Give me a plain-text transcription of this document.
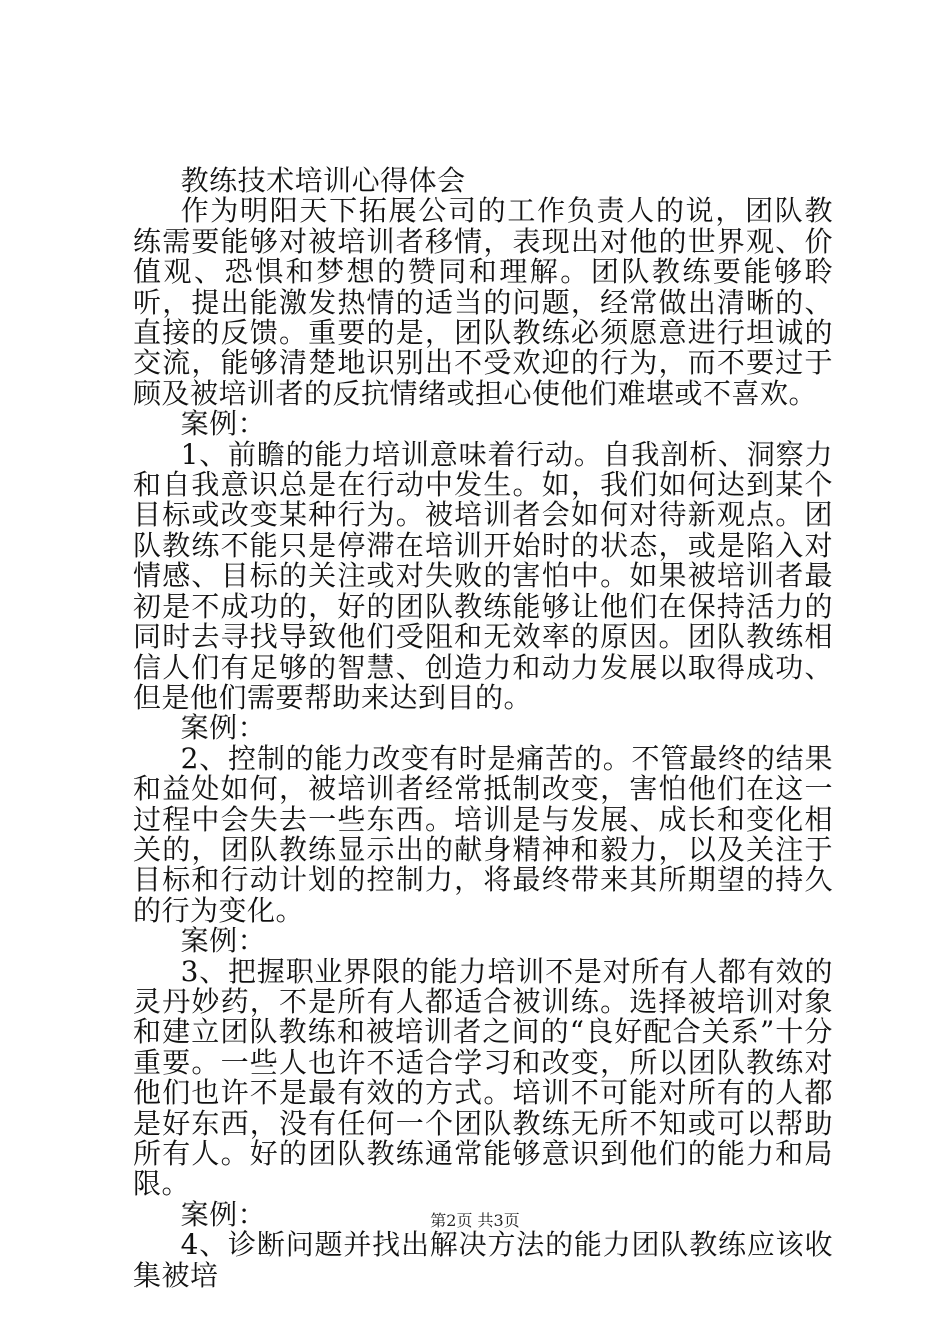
教练技术培训心得体会

作为明阳天下拓展公司的工作负责人的说，团队教练需要能够对被培训者移情，表现出对他的世界观、价值观、恐惧和梦想的赞同和理解。团队教练要能够聆听，提出能激发热情的适当的问题，经常做出清晰的、直接的反馈。重要的是，团队教练必须愿意进行坦诚的交流，能够清楚地识别出不受欢迎的行为，而不要过于顾及被培训者的反抗情绪或担心使他们难堪或不喜欢。

案例：

1、前瞻的能力培训意味着行动。自我剖析、洞察力和自我意识总是在行动中发生。如，我们如何达到某个目标或改变某种行为。被培训者会如何对待新观点。团队教练不能只是停滞在培训开始时的状态，或是陷入对情感、目标的关注或对失败的害怕中。如果被培训者最初是不成功的，好的团队教练能够让他们在保持活力的同时去寻找导致他们受阻和无效率的原因。团队教练相信人们有足够的智慧、创造力和动力发展以取得成功、但是他们需要帮助来达到目的。

案例：

2、控制的能力改变有时是痛苦的。不管最终的结果和益处如何，被培训者经常抵制改变，害怕他们在这一过程中会失去一些东西。培训是与发展、成长和变化相关的，团队教练显示出的献身精神和毅力，以及关注于目标和行动计划的控制力，将最终带来其所期望的持久的行为变化。

案例：

3、把握职业界限的能力培训不是对所有人都有效的灵丹妙药，不是所有人都适合被训练。选择被培训对象和建立团队教练和被培训者之间的“良好配合关系”十分重要。一些人也许不适合学习和改变，所以团队教练对他们也许不是最有效的方式。培训不可能对所有的人都是好东西，没有任何一个团队教练无所不知或可以帮助所有人。好的团队教练通常能够意识到他们的能力和局限。

案例：

4、诊断问题并找出解决方法的能力团队教练应该收集被培

第2页 共3页
